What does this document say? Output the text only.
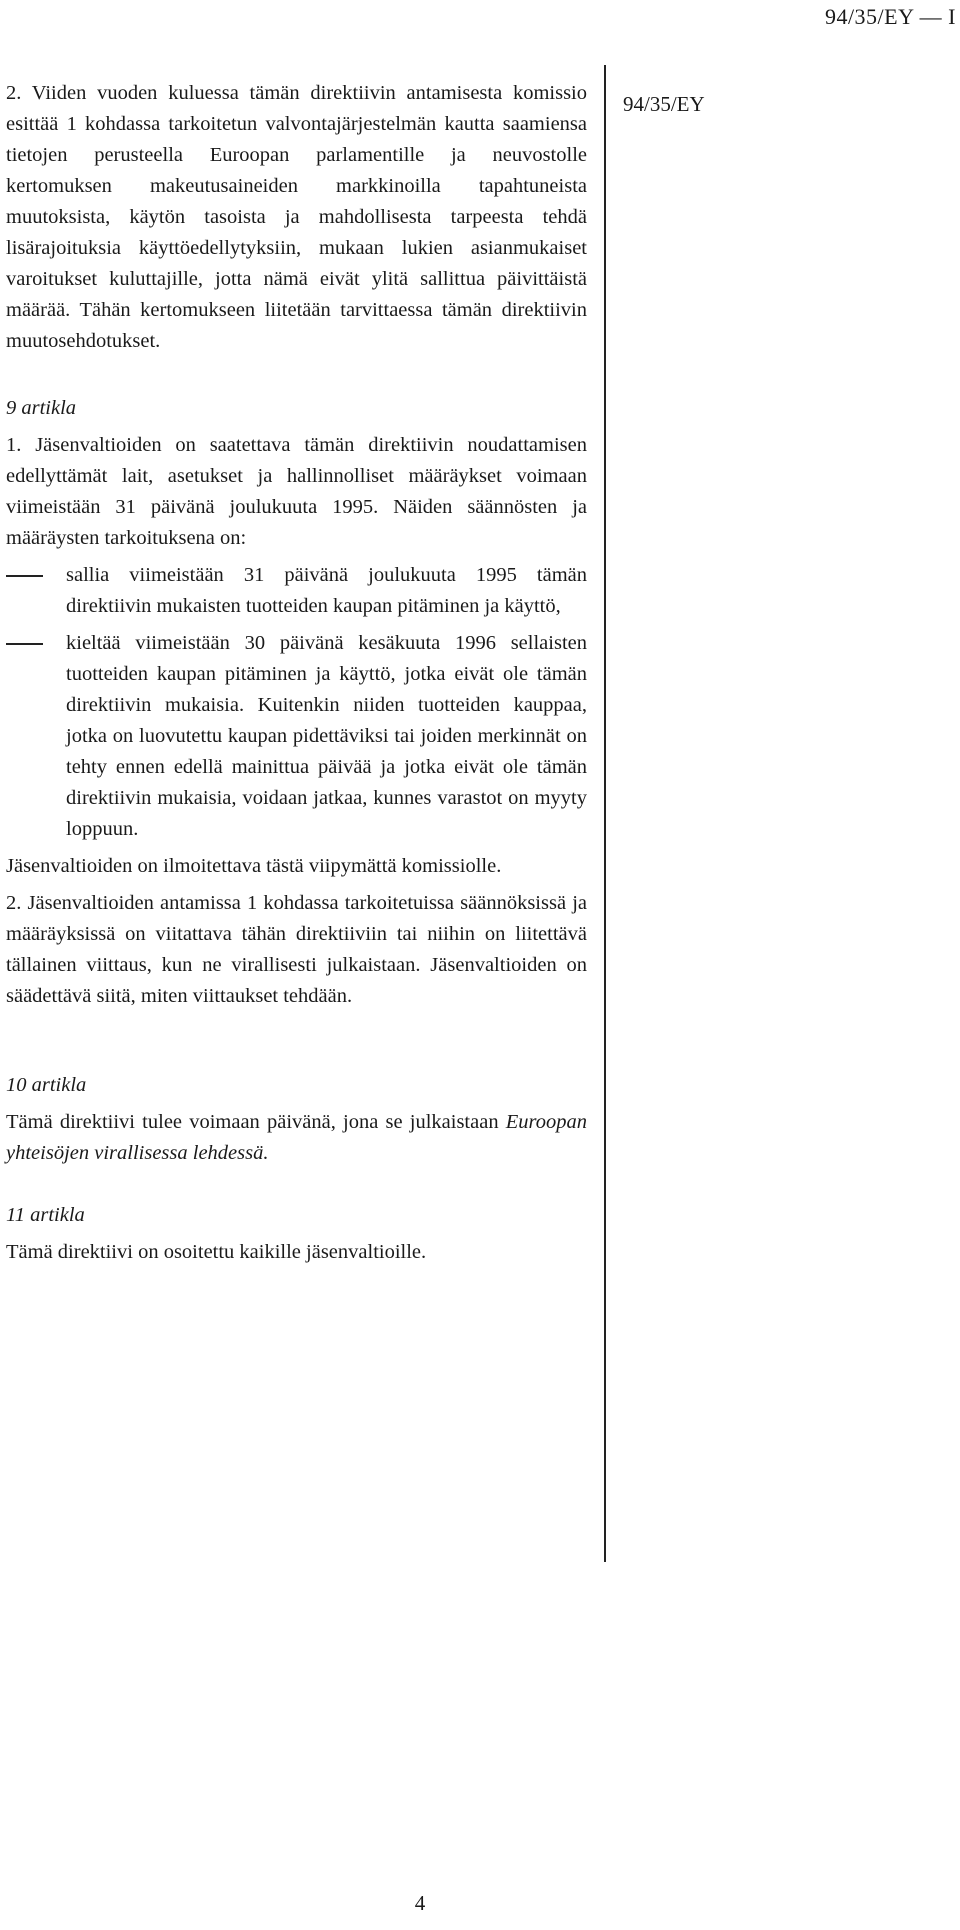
94/35/EY — I

2. Viiden vuoden kuluessa tämän direktiivin antamisesta komissio esittää 1 kohdassa tarkoitetun valvontajärjestelmän kautta saamiensa tietojen perusteella Euroopan parlamentille ja neuvostolle kertomuksen makeutusaineiden markkinoilla tapahtuneista muutoksista, käytön tasoista ja mahdollisesta tarpeesta tehdä lisärajoituksia käyttöedellytyksiin, mukaan lukien asianmukaiset varoitukset kuluttajille, jotta nämä eivät ylitä sallittua päivittäistä määrää. Tähän kertomukseen liitetään tarvittaessa tämän direktiivin muutosehdotukset.

9 artikla

1. Jäsenvaltioiden on saatettava tämän direktiivin noudattamisen edellyttämät lait, asetukset ja hallinnolliset määräykset voimaan viimeistään 31 päivänä joulukuuta 1995. Näiden säännösten ja määräysten tarkoituksena on:

sallia viimeistään 31 päivänä joulukuuta 1995 tämän direktiivin mukaisten tuotteiden kaupan pitäminen ja käyttö,

kieltää viimeistään 30 päivänä kesäkuuta 1996 sellaisten tuotteiden kaupan pitäminen ja käyttö, jotka eivät ole tämän direktiivin mukaisia. Kuitenkin niiden tuotteiden kauppaa, jotka on luovutettu kaupan pidettäviksi tai joiden merkinnät on tehty ennen edellä mainittua päivää ja jotka eivät ole tämän direktiivin mukaisia, voidaan jatkaa, kunnes varastot on myyty loppuun.

Jäsenvaltioiden on ilmoitettava tästä viipymättä komissiolle.

2. Jäsenvaltioiden antamissa 1 kohdassa tarkoitetuissa säännöksissä ja määräyksissä on viitattava tähän direktiiviin tai niihin on liitettävä tällainen viittaus, kun ne virallisesti julkaistaan. Jäsenvaltioiden on säädettävä siitä, miten viittaukset tehdään.

10 artikla

Tämä direktiivi tulee voimaan päivänä, jona se julkaistaan Euroopan yhteisöjen virallisessa lehdessä.

11 artikla

Tämä direktiivi on osoitettu kaikille jäsenvaltioille.

94/35/EY
4
